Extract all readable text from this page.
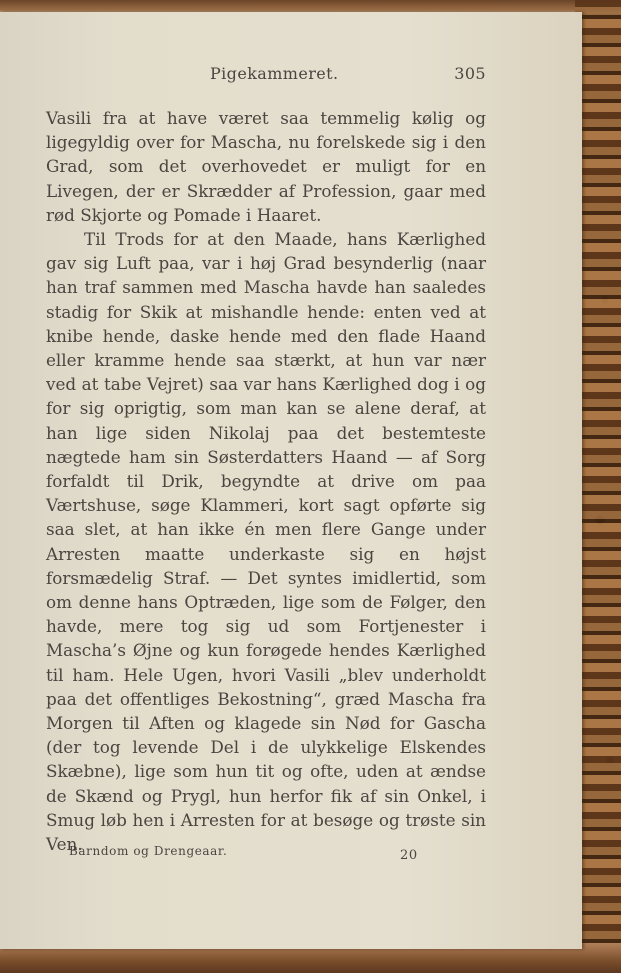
Pigekammeret.	305

Vasili fra at have været saa temmelig kølig og ligegyldig over for Mascha, nu forelskede sig i den Grad, som det overhovedet er muligt for en Livegen, der er Skrædder af Profession, gaar med rød Skjorte og Pomade i Haaret.

Til Trods for at den Maade, hans Kærlighed gav sig Luft paa, var i høj Grad besynderlig (naar han traf sammen med Mascha havde han saaledes stadig for Skik at mishandle hende: enten ved at knibe hende, daske hende med den flade Haand eller kramme hende saa stærkt, at hun var nær ved at tabe Vejret) saa var hans Kærlighed dog i og for sig oprigtig, som man kan se alene deraf, at han lige siden Nikolaj paa det bestemteste nægtede ham sin Søsterdatters Haand — af Sorg forfaldt til Drik, begyndte at drive om paa Værtshuse, søge Klammeri, kort sagt opførte sig saa slet, at han ikke én men flere Gange under Arresten maatte underkaste sig en højst forsmædelig Straf. — Det syntes imidlertid, som om denne hans Optræden, lige som de Følger, den havde, mere tog sig ud som Fortjenester i Mascha’s Øjne og kun forøgede hendes Kærlighed til ham. Hele Ugen, hvori Vasili „blev underholdt paa det offentliges Bekostning“, græd Mascha fra Morgen til Aften og klagede sin Nød for Gascha (der tog levende Del i de ulykkelige Elskendes Skæbne), lige som hun tit og ofte, uden at ændse de Skænd og Prygl, hun herfor fik af sin Onkel, i Smug løb hen i Arresten for at besøge og trøste sin Ven.

Barndom og Drengeaar.	20
